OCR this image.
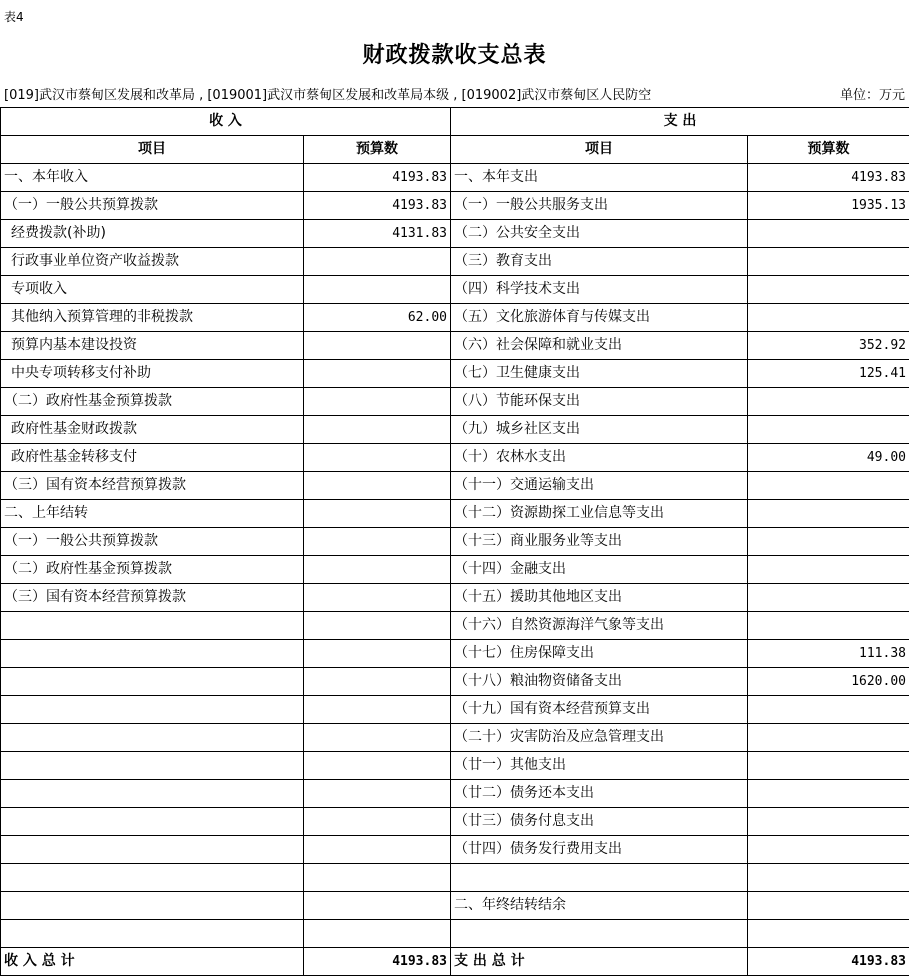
表4
财政拨款收支总表
[019]武汉市蔡甸区发展和改革局 , [019001]武汉市蔡甸区发展和改革局本级 , [019002]武汉市蔡甸区人民防空	单位：万元
收 入		支 出	
项目	预算数	项目	预算数
一、本年收入	4193.83	一、本年支出	4193.83
（一）一般公共预算拨款	4193.83	（一）一般公共服务支出	1935.13
经费拨款(补助)	4131.83	（二）公共安全支出	
行政事业单位资产收益拨款		（三）教育支出	
专项收入		（四）科学技术支出	
其他纳入预算管理的非税拨款	62.00	（五）文化旅游体育与传媒支出	
预算内基本建设投资		（六）社会保障和就业支出	352.92
中央专项转移支付补助		（七）卫生健康支出	125.41
（二）政府性基金预算拨款		（八）节能环保支出	
政府性基金财政拨款		（九）城乡社区支出	
政府性基金转移支付		（十）农林水支出	49.00
（三）国有资本经营预算拨款		（十一）交通运输支出	
二、上年结转		（十二）资源勘探工业信息等支出	
（一）一般公共预算拨款		（十三）商业服务业等支出	
（二）政府性基金预算拨款		（十四）金融支出	
（三）国有资本经营预算拨款		（十五）援助其他地区支出	
		（十六）自然资源海洋气象等支出	
		（十七）住房保障支出	111.38
		（十八）粮油物资储备支出	1620.00
		（十九）国有资本经营预算支出	
		（二十）灾害防治及应急管理支出	
		（廿一）其他支出	
		（廿二）债务还本支出	
		（廿三）债务付息支出	
		（廿四）债务发行费用支出	

		二、年终结转结余	

收 入 总 计	4193.83	支 出 总 计	4193.83
